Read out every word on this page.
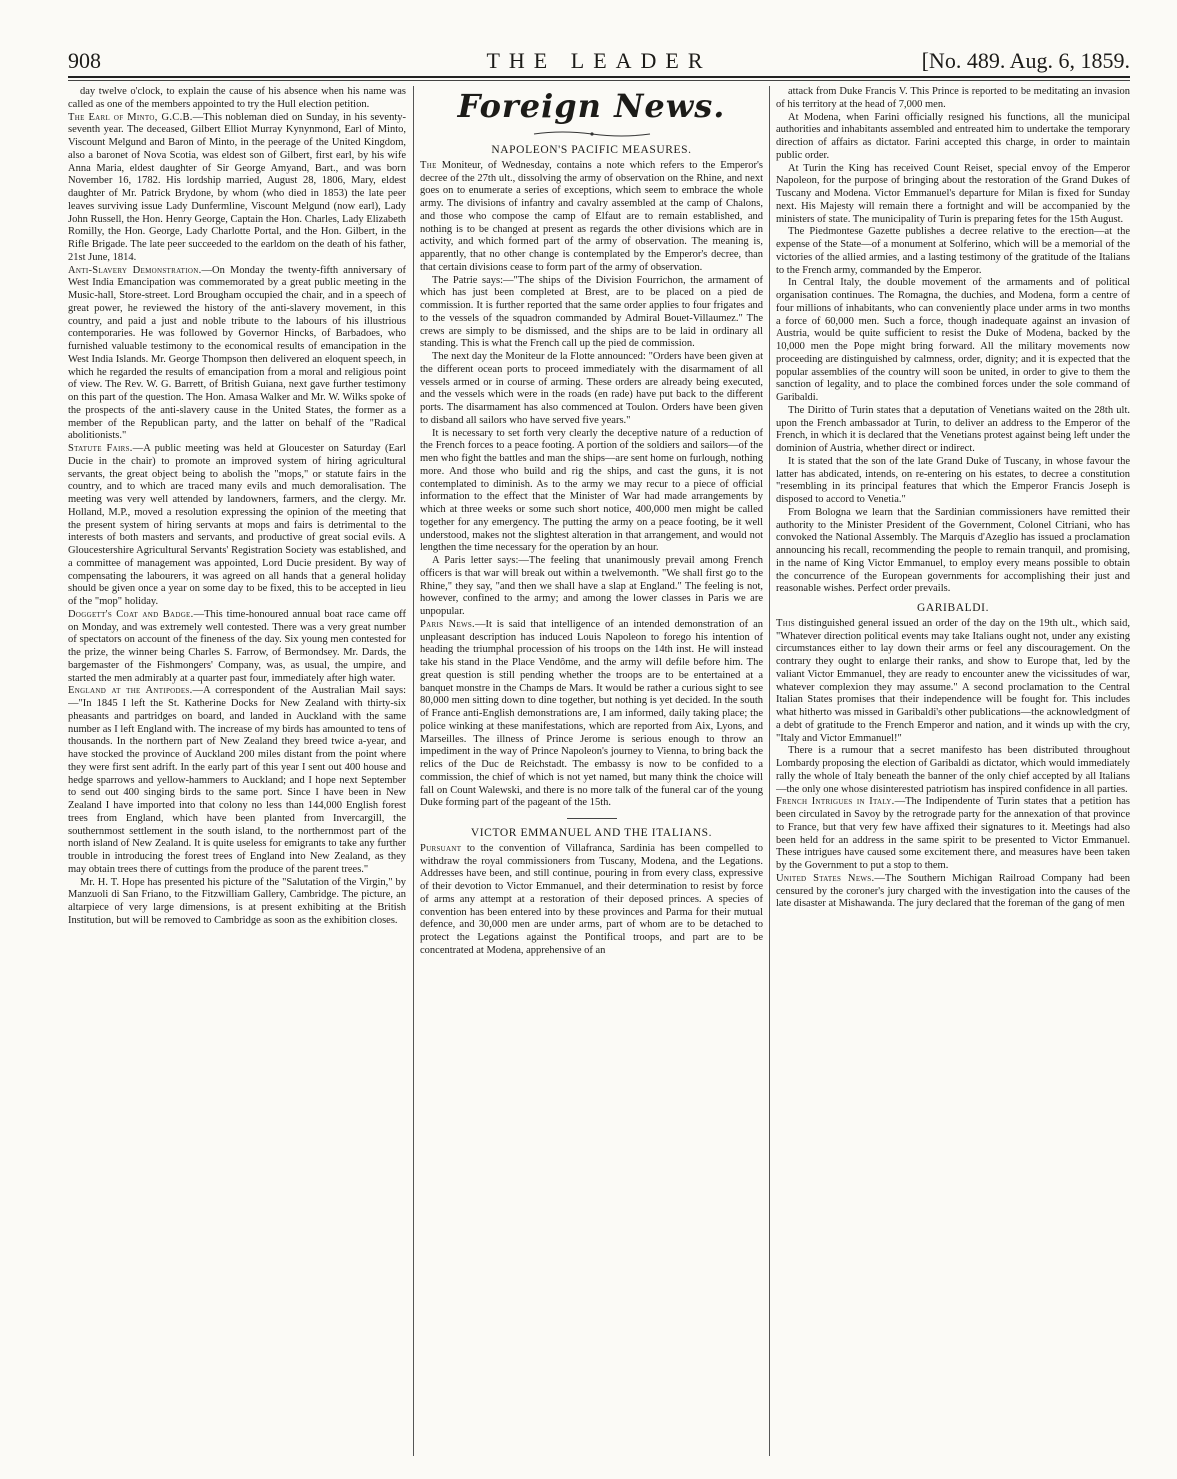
908	THE LEADER	[No. 489. Aug. 6, 1859.

day twelve o'clock, to explain the cause of his absence when his name was called as one of the members appointed to try the Hull election petition.

The Earl of Minto, G.C.B.—This nobleman died on Sunday, in his seventy-seventh year. The deceased, Gilbert Elliot Murray Kynynmond, Earl of Minto, Viscount Melgund and Baron of Minto, in the peerage of the United Kingdom, also a baronet of Nova Scotia, was eldest son of Gilbert, first earl, by his wife Anna Maria, eldest daughter of Sir George Amyand, Bart., and was born November 16, 1782. His lordship married, August 28, 1806, Mary, eldest daughter of Mr. Patrick Brydone, by whom (who died in 1853) the late peer leaves surviving issue Lady Dunfermline, Viscount Melgund (now earl), Lady John Russell, the Hon. Henry George, Captain the Hon. Charles, Lady Elizabeth Romilly, the Hon. George, Lady Charlotte Portal, and the Hon. Gilbert, in the Rifle Brigade. The late peer succeeded to the earldom on the death of his father, 21st June, 1814.

Anti-Slavery Demonstration.—On Monday the twenty-fifth anniversary of West India Emancipation was commemorated by a great public meeting in the Music-hall, Store-street. Lord Brougham occupied the chair, and in a speech of great power, he reviewed the history of the anti-slavery movement, in this country, and paid a just and noble tribute to the labours of his illustrious contemporaries. He was followed by Governor Hincks, of Barbadoes, who furnished valuable testimony to the economical results of emancipation in the West India Islands. Mr. George Thompson then delivered an eloquent speech, in which he regarded the results of emancipation from a moral and religious point of view. The Rev. W. G. Barrett, of British Guiana, next gave further testimony on this part of the question. The Hon. Amasa Walker and Mr. W. Wilks spoke of the prospects of the anti-slavery cause in the United States, the former as a member of the Republican party, and the latter on behalf of the "Radical abolitionists."

Statute Fairs.—A public meeting was held at Gloucester on Saturday (Earl Ducie in the chair) to promote an improved system of hiring agricultural servants, the great object being to abolish the "mops," or statute fairs in the country, and to which are traced many evils and much demoralisation. The meeting was very well attended by landowners, farmers, and the clergy. Mr. Holland, M.P., moved a resolution expressing the opinion of the meeting that the present system of hiring servants at mops and fairs is detrimental to the interests of both masters and servants, and productive of great social evils. A Gloucestershire Agricultural Servants' Registration Society was established, and a committee of management was appointed, Lord Ducie president. By way of compensating the labourers, it was agreed on all hands that a general holiday should be given once a year on some day to be fixed, this to be accepted in lieu of the "mop" holiday.

Doggett's Coat and Badge.—This time-honoured annual boat race came off on Monday, and was extremely well contested. There was a very great number of spectators on account of the fineness of the day. Six young men contested for the prize, the winner being Charles S. Farrow, of Bermondsey. Mr. Dards, the bargemaster of the Fishmongers' Company, was, as usual, the umpire, and started the men admirably at a quarter past four, immediately after high water.

England at the Antipodes.—A correspondent of the Australian Mail says:—"In 1845 I left the St. Katherine Docks for New Zealand with thirty-six pheasants and partridges on board, and landed in Auckland with the same number as I left England with. The increase of my birds has amounted to tens of thousands. In the northern part of New Zealand they breed twice a-year, and have stocked the province of Auckland 200 miles distant from the point where they were first sent adrift. In the early part of this year I sent out 400 house and hedge sparrows and yellow-hammers to Auckland; and I hope next September to send out 400 singing birds to the same port. Since I have been in New Zealand I have imported into that colony no less than 144,000 English forest trees from England, which have been planted from Invercargill, the southernmost settlement in the south island, to the northernmost part of the north island of New Zealand. It is quite useless for emigrants to take any further trouble in introducing the forest trees of England into New Zealand, as they may obtain trees there of cuttings from the produce of the parent trees."

Mr. H. T. Hope has presented his picture of the "Salutation of the Virgin," by Manzuoli di San Friano, to the Fitzwilliam Gallery, Cambridge. The picture, an altarpiece of very large dimensions, is at present exhibiting at the British Institution, but will be removed to Cambridge as soon as the exhibition closes.

Foreign News.
NAPOLEON'S PACIFIC MEASURES.

The Moniteur, of Wednesday, contains a note which refers to the Emperor's decree of the 27th ult., dissolving the army of observation on the Rhine, and next goes on to enumerate a series of exceptions, which seem to embrace the whole army. The divisions of infantry and cavalry assembled at the camp of Chalons, and those who compose the camp of Elfaut are to remain established, and nothing is to be changed at present as regards the other divisions which are in activity, and which formed part of the army of observation. The meaning is, apparently, that no other change is contemplated by the Emperor's decree, than that certain divisions cease to form part of the army of observation.

The Patrie says:—"The ships of the Division Fourrichon, the armament of which has just been completed at Brest, are to be placed on a pied de commission. It is further reported that the same order applies to four frigates and to the vessels of the squadron commanded by Admiral Bouet-Villaumez." The crews are simply to be dismissed, and the ships are to be laid in ordinary all standing. This is what the French call up the pied de commission.

The next day the Moniteur de la Flotte announced: "Orders have been given at the different ocean ports to proceed immediately with the disarmament of all vessels armed or in course of arming. These orders are already being executed, and the vessels which were in the roads (en rade) have put back to the different ports. The disarmament has also commenced at Toulon. Orders have been given to disband all sailors who have served five years."

It is necessary to set forth very clearly the deceptive nature of a reduction of the French forces to a peace footing. A portion of the soldiers and sailors—of the men who fight the battles and man the ships—are sent home on furlough, nothing more. And those who build and rig the ships, and cast the guns, it is not contemplated to diminish. As to the army we may recur to a piece of official information to the effect that the Minister of War had made arrangements by which at three weeks or some such short notice, 400,000 men might be called together for any emergency. The putting the army on a peace footing, be it well understood, makes not the slightest alteration in that arrangement, and would not lengthen the time necessary for the operation by an hour.

A Paris letter says:—The feeling that unanimously prevail among French officers is that war will break out within a twelvemonth. "We shall first go to the Rhine," they say, "and then we shall have a slap at England." The feeling is not, however, confined to the army; and among the lower classes in Paris we are unpopular.

Paris News.—It is said that intelligence of an intended demonstration of an unpleasant description has induced Louis Napoleon to forego his intention of heading the triumphal procession of his troops on the 14th inst. He will instead take his stand in the Place Vendôme, and the army will defile before him. The great question is still pending whether the troops are to be entertained at a banquet monstre in the Champs de Mars. It would be rather a curious sight to see 80,000 men sitting down to dine together, but nothing is yet decided. In the south of France anti-English demonstrations are, I am informed, daily taking place; the police winking at these manifestations, which are reported from Aix, Lyons, and Marseilles. The illness of Prince Jerome is serious enough to throw an impediment in the way of Prince Napoleon's journey to Vienna, to bring back the relics of the Duc de Reichstadt. The embassy is now to be confided to a commission, the chief of which is not yet named, but many think the choice will fall on Count Walewski, and there is no more talk of the funeral car of the young Duke forming part of the pageant of the 15th.

VICTOR EMMANUEL AND THE ITALIANS.

Pursuant to the convention of Villafranca, Sardinia has been compelled to withdraw the royal commissioners from Tuscany, Modena, and the Legations. Addresses have been, and still continue, pouring in from every class, expressive of their devotion to Victor Emmanuel, and their determination to resist by force of arms any attempt at a restoration of their deposed princes. A species of convention has been entered into by these provinces and Parma for their mutual defence, and 30,000 men are under arms, part of whom are to be detached to protect the Legations against the Pontifical troops, and part are to be concentrated at Modena, apprehensive of an

attack from Duke Francis V. This Prince is reported to be meditating an invasion of his territory at the head of 7,000 men.

At Modena, when Farini officially resigned his functions, all the municipal authorities and inhabitants assembled and entreated him to undertake the temporary direction of affairs as dictator. Farini accepted this charge, in order to maintain public order.

At Turin the King has received Count Reiset, special envoy of the Emperor Napoleon, for the purpose of bringing about the restoration of the Grand Dukes of Tuscany and Modena. Victor Emmanuel's departure for Milan is fixed for Sunday next. His Majesty will remain there a fortnight and will be accompanied by the ministers of state. The municipality of Turin is preparing fetes for the 15th August.

The Piedmontese Gazette publishes a decree relative to the erection—at the expense of the State—of a monument at Solferino, which will be a memorial of the victories of the allied armies, and a lasting testimony of the gratitude of the Italians to the French army, commanded by the Emperor.

In Central Italy, the double movement of the armaments and of political organisation continues. The Romagna, the duchies, and Modena, form a centre of four millions of inhabitants, who can conveniently place under arms in two months a force of 60,000 men. Such a force, though inadequate against an invasion of Austria, would be quite sufficient to resist the Duke of Modena, backed by the 10,000 men the Pope might bring forward. All the military movements now proceeding are distinguished by calmness, order, dignity; and it is expected that the popular assemblies of the country will soon be united, in order to give to them the sanction of legality, and to place the combined forces under the sole command of Garibaldi.

The Diritto of Turin states that a deputation of Venetians waited on the 28th ult. upon the French ambassador at Turin, to deliver an address to the Emperor of the French, in which it is declared that the Venetians protest against being left under the dominion of Austria, whether direct or indirect.

It is stated that the son of the late Grand Duke of Tuscany, in whose favour the latter has abdicated, intends, on re-entering on his estates, to decree a constitution "resembling in its principal features that which the Emperor Francis Joseph is disposed to accord to Venetia."

From Bologna we learn that the Sardinian commissioners have remitted their authority to the Minister President of the Government, Colonel Citriani, who has convoked the National Assembly. The Marquis d'Azeglio has issued a proclamation announcing his recall, recommending the people to remain tranquil, and promising, in the name of King Victor Emmanuel, to employ every means possible to obtain the concurrence of the European governments for accomplishing their just and reasonable wishes. Perfect order prevails.

GARIBALDI.

This distinguished general issued an order of the day on the 19th ult., which said, "Whatever direction political events may take Italians ought not, under any existing circumstances either to lay down their arms or feel any discouragement. On the contrary they ought to enlarge their ranks, and show to Europe that, led by the valiant Victor Emmanuel, they are ready to encounter anew the vicissitudes of war, whatever complexion they may assume." A second proclamation to the Central Italian States promises that their independence will be fought for. This includes what hitherto was missed in Garibaldi's other publications—the acknowledgment of a debt of gratitude to the French Emperor and nation, and it winds up with the cry, "Italy and Victor Emmanuel!"

There is a rumour that a secret manifesto has been distributed throughout Lombardy proposing the election of Garibaldi as dictator, which would immediately rally the whole of Italy beneath the banner of the only chief accepted by all Italians—the only one whose disinterested patriotism has inspired confidence in all parties.

French Intrigues in Italy.—The Indipendente of Turin states that a petition has been circulated in Savoy by the retrograde party for the annexation of that province to France, but that very few have affixed their signatures to it. Meetings had also been held for an address in the same spirit to be presented to Victor Emmanuel. These intrigues have caused some excitement there, and measures have been taken by the Government to put a stop to them.

United States News.—The Southern Michigan Railroad Company had been censured by the coroner's jury charged with the investigation into the causes of the late disaster at Mishawanda. The jury declared that the foreman of the gang of men
